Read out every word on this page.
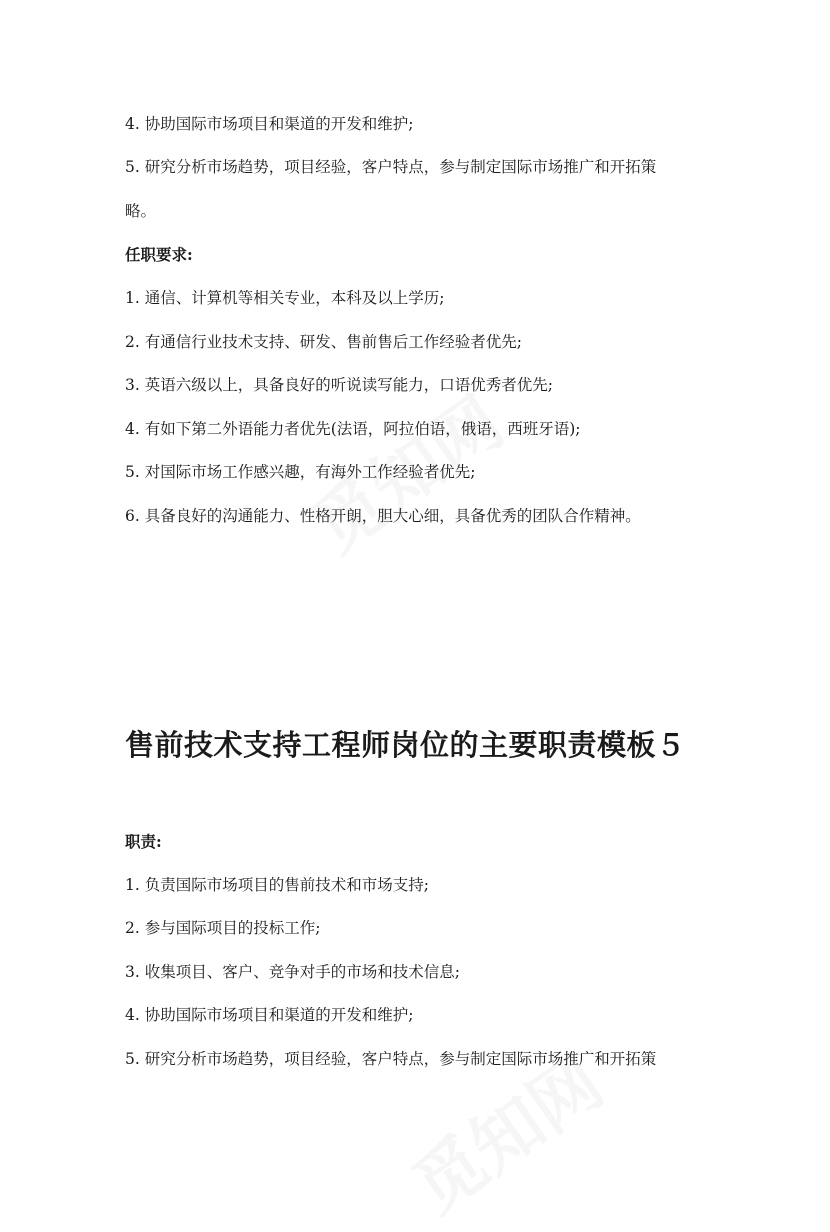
4. 协助国际市场项目和渠道的开发和维护;
5. 研究分析市场趋势，项目经验，客户特点，参与制定国际市场推广和开拓策
略。
任职要求:
1. 通信、计算机等相关专业，本科及以上学历;
2. 有通信行业技术支持、研发、售前售后工作经验者优先;
3. 英语六级以上，具备良好的听说读写能力，口语优秀者优先;
4. 有如下第二外语能力者优先(法语，阿拉伯语，俄语，西班牙语);
5. 对国际市场工作感兴趣，有海外工作经验者优先;
6. 具备良好的沟通能力、性格开朗，胆大心细，具备优秀的团队合作精神。
售前技术支持工程师岗位的主要职责模板５
职责:
1. 负责国际市场项目的售前技术和市场支持;
2. 参与国际项目的投标工作;
3. 收集项目、客户、竞争对手的市场和技术信息;
4. 协助国际市场项目和渠道的开发和维护;
5. 研究分析市场趋势，项目经验，客户特点，参与制定国际市场推广和开拓策
